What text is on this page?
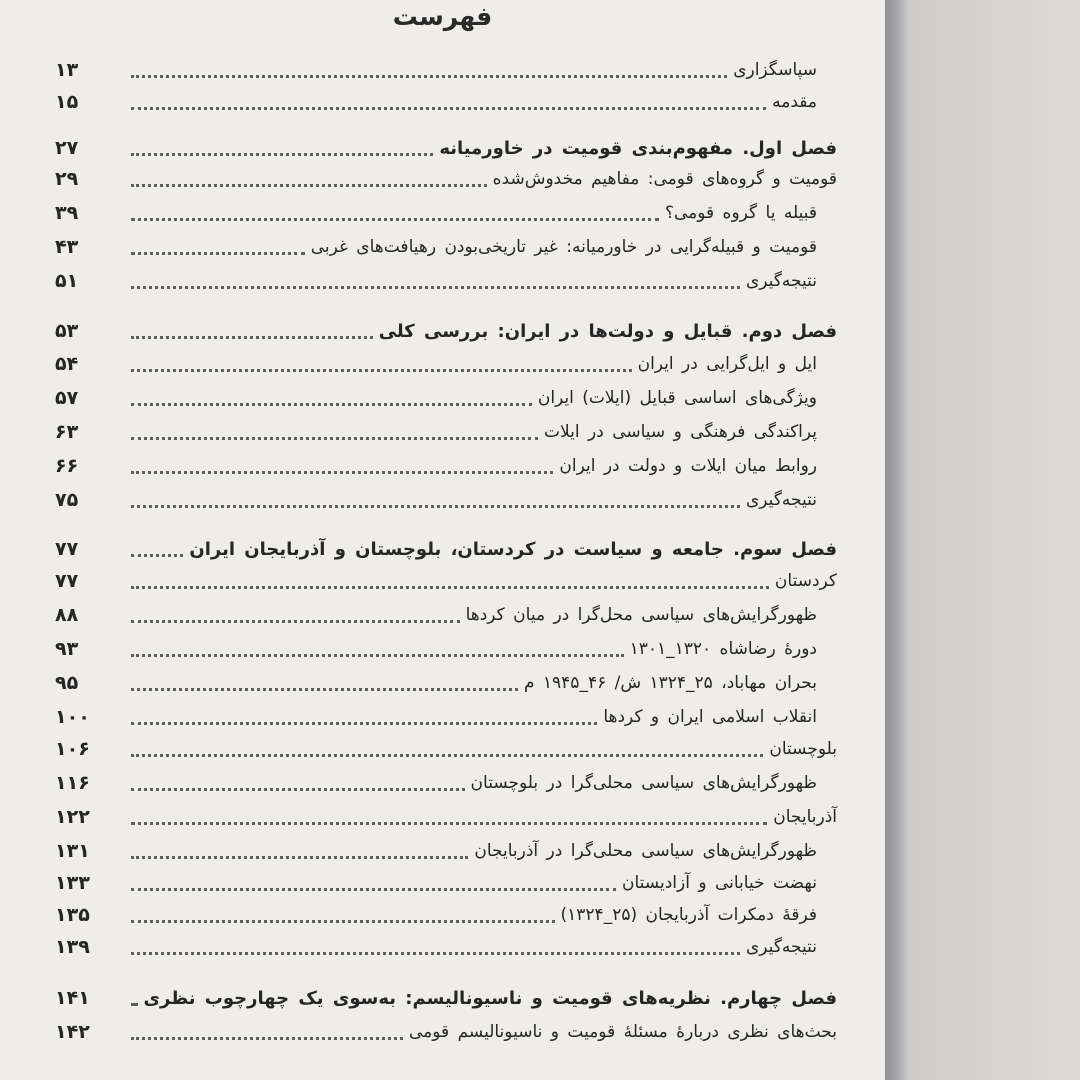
فهرست
۱۳	سپاسگزاری
۱۵	مقدمه
۲۷	فصل اول. مفهوم‌بندی قومیت در خاورمیانه
۲۹	قومیت و گروه‌های قومی: مفاهیم مخدوش‌شده
۳۹	قبیله یا گروه قومی؟
۴۳	قومیت و قبیله‌گرایی در خاورمیانه: غیر تاریخی‌بودن رهیافت‌های غربی
۵۱	نتیجه‌گیری
۵۳	فصل دوم. قبایل و دولت‌ها در ایران: بررسی کلی
۵۴	ایل و ایل‌گرایی در ایران
۵۷	ویژگی‌های اساسی قبایل (ایلات) ایران
۶۳	پراکندگی فرهنگی و سیاسی در ایلات
۶۶	روابط میان ایلات و دولت در ایران
۷۵	نتیجه‌گیری
۷۷	فصل سوم. جامعه و سیاست در کردستان، بلوچستان و آذربایجان ایران
۷۷	کردستان
۸۸	ظهورگرایش‌های سیاسی محل‌گرا در میان کردها
۹۳	دورهٔ رضاشاه ۱۳۲۰_۱۳۰۱
۹۵	بحران مهاباد، ۲۵_۱۳۲۴ ش/ ۴۶_۱۹۴۵ م
۱۰۰	انقلاب اسلامی ایران و کردها
۱۰۶	بلوچستان
۱۱۶	ظهورگرایش‌های سیاسی محلی‌گرا در بلوچستان
۱۲۲	آذربایجان
۱۳۱	ظهورگرایش‌های سیاسی محلی‌گرا در آذربایجان
۱۳۳	نهضت خیابانی و آزادیستان
۱۳۵	فرقهٔ دمکرات آذربایجان (۲۵_۱۳۲۴)
۱۳۹	نتیجه‌گیری
۱۴۱	فصل چهارم. نظریه‌های قومیت و ناسیونالیسم: به‌سوی یک چهارچوب نظری
۱۴۲	بحث‌های نظری دربارهٔ مسئلهٔ قومیت و ناسیونالیسم قومی
